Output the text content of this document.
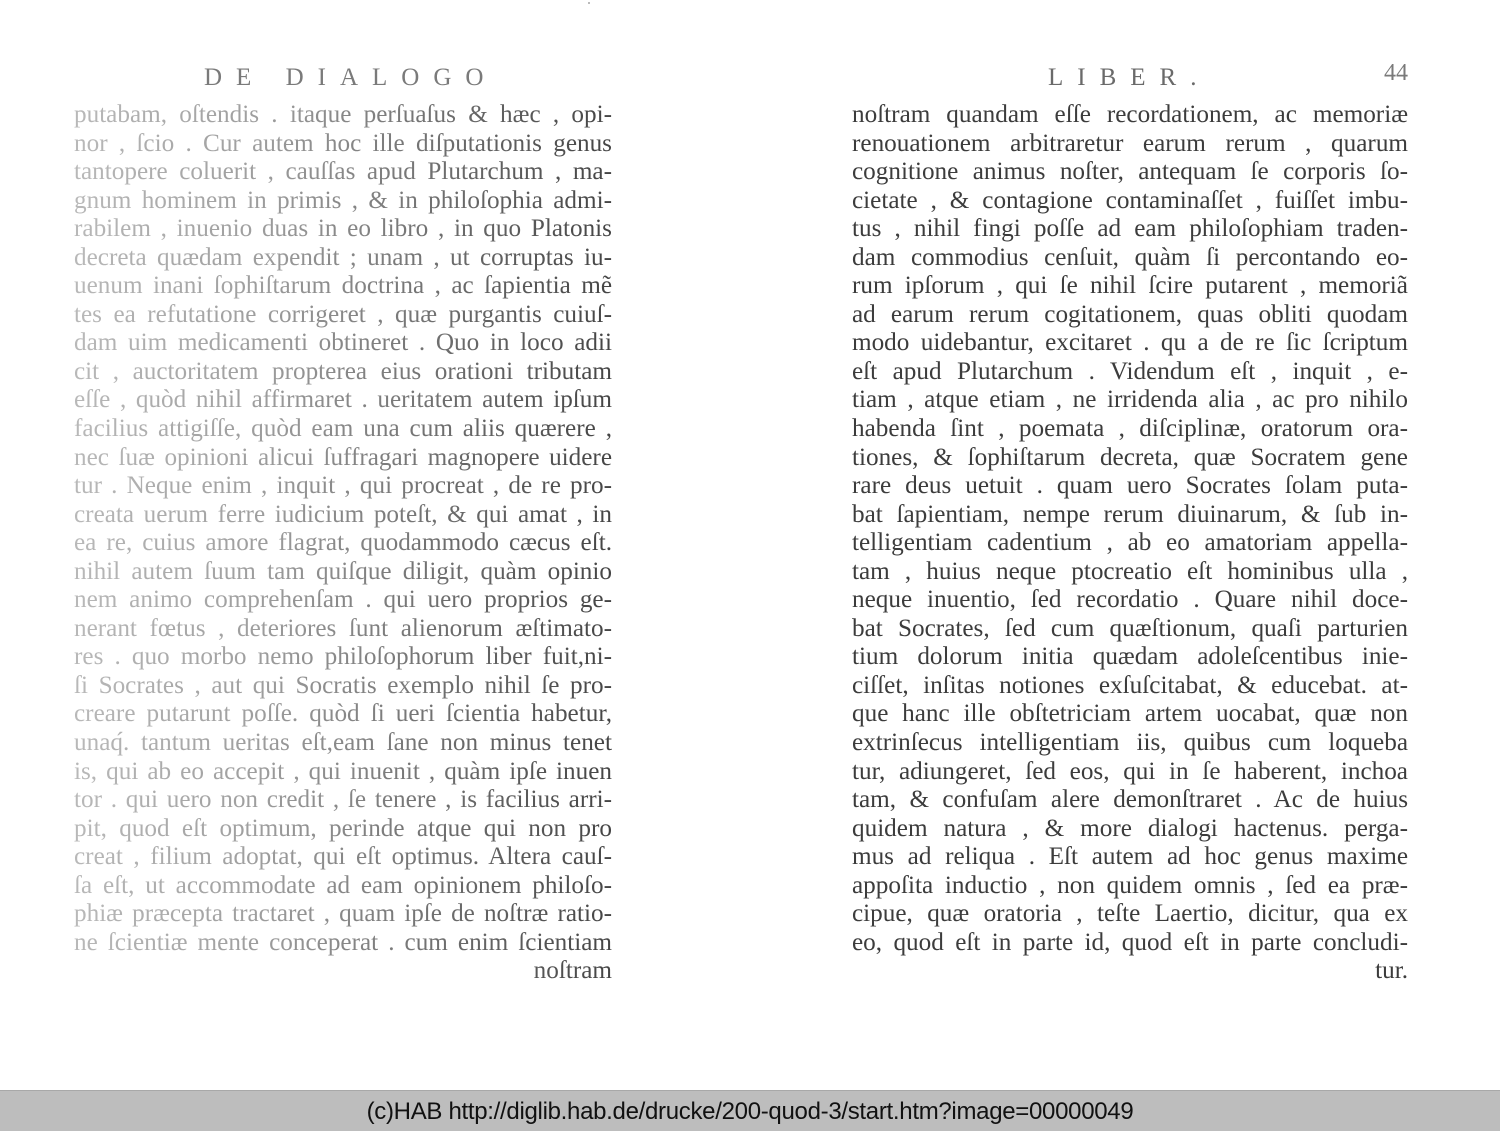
DE DIALOGO
putabam, oſtendis . itaque perſuaſus & hæc , opi-
nor , ſcio . Cur autem hoc ille diſputationis genus
tantopere coluerit , cauſſas apud Plutarchum , ma-
gnum hominem in primis , & in philoſophia admi-
rabilem , inuenio duas in eo libro , in quo Platonis
decreta quædam expendit ; unam , ut corruptas iu-
uenum inani ſophiſtarum doctrina , ac ſapientia mẽ
tes ea refutatione corrigeret , quæ purgantis cuiuſ-
dam uim medicamenti obtineret . Quo in loco adii
cit , auctoritatem propterea eius orationi tributam
eſſe , quòd nihil affirmaret . ueritatem autem ipſum
facilius attigiſſe, quòd eam una cum aliis quærere ,
nec ſuæ opinioni alicui ſuffragari magnopere uidere
tur . Neque enim , inquit , qui procreat , de re pro-
creata uerum ferre iudicium poteſt, & qui amat , in
ea re, cuius amore flagrat, quodammodo cæcus eſt.
nihil autem ſuum tam quiſque diligit, quàm opinio
nem animo comprehenſam . qui uero proprios ge-
nerant fœtus , deteriores ſunt alienorum æſtimato-
res . quo morbo nemo philoſophorum liber fuit,ni-
ſi Socrates , aut qui Socratis exemplo nihil ſe pro-
creare putarunt poſſe. quòd ſi ueri ſcientia habetur,
unaq́. tantum ueritas eſt,eam ſane non minus tenet
is, qui ab eo accepit , qui inuenit , quàm ipſe inuen
tor . qui uero non credit , ſe tenere , is facilius arri-
pit, quod eſt optimum, perinde atque qui non pro
creat , filium adoptat, qui eſt optimus. Altera cauſ-
ſa eſt, ut accommodate ad eam opinionem philoſo-
phiæ præcepta tractaret , quam ipſe de noſtræ ratio-
ne ſcientiæ mente conceperat . cum enim ſcientiam
noſtram
LIBER.	44
noſtram quandam eſſe recordationem, ac memoriæ
renouationem arbitraretur earum rerum , quarum
cognitione animus noſter, antequam ſe corporis ſo-
cietate , & contagione contaminaſſet , fuiſſet imbu-
tus , nihil fingi poſſe ad eam philoſophiam traden-
dam commodius cenſuit, quàm ſi percontando eo-
rum ipſorum , qui ſe nihil ſcire putarent , memoriã
ad earum rerum cogitationem, quas obliti quodam
modo uidebantur, excitaret . qu a de re ſic ſcriptum
eſt apud Plutarchum . Videndum eſt , inquit , e-
tiam , atque etiam , ne irridenda alia , ac pro nihilo
habenda ſint , poemata , diſciplinæ, oratorum ora-
tiones, & ſophiſtarum decreta, quæ Socratem gene
rare deus uetuit . quam uero Socrates ſolam puta-
bat ſapientiam, nempe rerum diuinarum, & ſub in-
telligentiam cadentium , ab eo amatoriam appella-
tam , huius neque ptocreatio eſt hominibus ulla ,
neque inuentio, ſed recordatio . Quare nihil doce-
bat Socrates, ſed cum quæſtionum, quaſi parturien
tium dolorum initia quædam adoleſcentibus inie-
ciſſet, inſitas notiones exſuſcitabat, & educebat. at-
que hanc ille obſtetriciam artem uocabat, quæ non
extrinſecus intelligentiam iis, quibus cum loqueba
tur, adiungeret, ſed eos, qui in ſe haberent, inchoa
tam, & confuſam alere demonſtraret . Ac de huius
quidem natura , & more dialogi hactenus. perga-
mus ad reliqua . Eſt autem ad hoc genus maxime
appoſita inductio , non quidem omnis , ſed ea præ-
cipue, quæ oratoria , teſte Laertio, dicitur, qua ex
eo, quod eſt in parte id, quod eſt in parte concludi-
tur.
(c)HAB http://diglib.hab.de/drucke/200-quod-3/start.htm?image=00000049
